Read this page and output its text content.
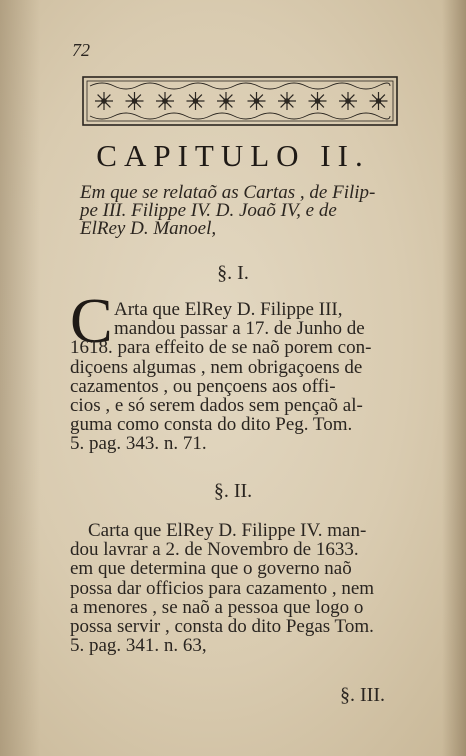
72
CAPITULO II.
Em que se relataõ as Cartas , de Filip-
pe III. Filippe IV. D. Joaõ IV, e de
ElRey D. Manoel,
§. I.
C Arta que ElRey D. Filippe III,
mandou passar a 17. de Junho de
1618. para effeito de se naõ porem con-
diçoens algumas , nem obrigaçoens de
cazamentos , ou pençoens aos offi-
cios , e só serem dados sem pençaõ al-
guma como consta do dito Peg. Tom.
5. pag. 343. n. 71.
§. II.
Carta que ElRey D. Filippe IV. man-
dou lavrar a 2. de Novembro de 1633.
em que determina que o governo naõ
possa dar officios para cazamento , nem
a menores , se naõ a pessoa que logo o
possa servir , consta do dito Pegas Tom.
5. pag. 341. n. 63,
§. III.
